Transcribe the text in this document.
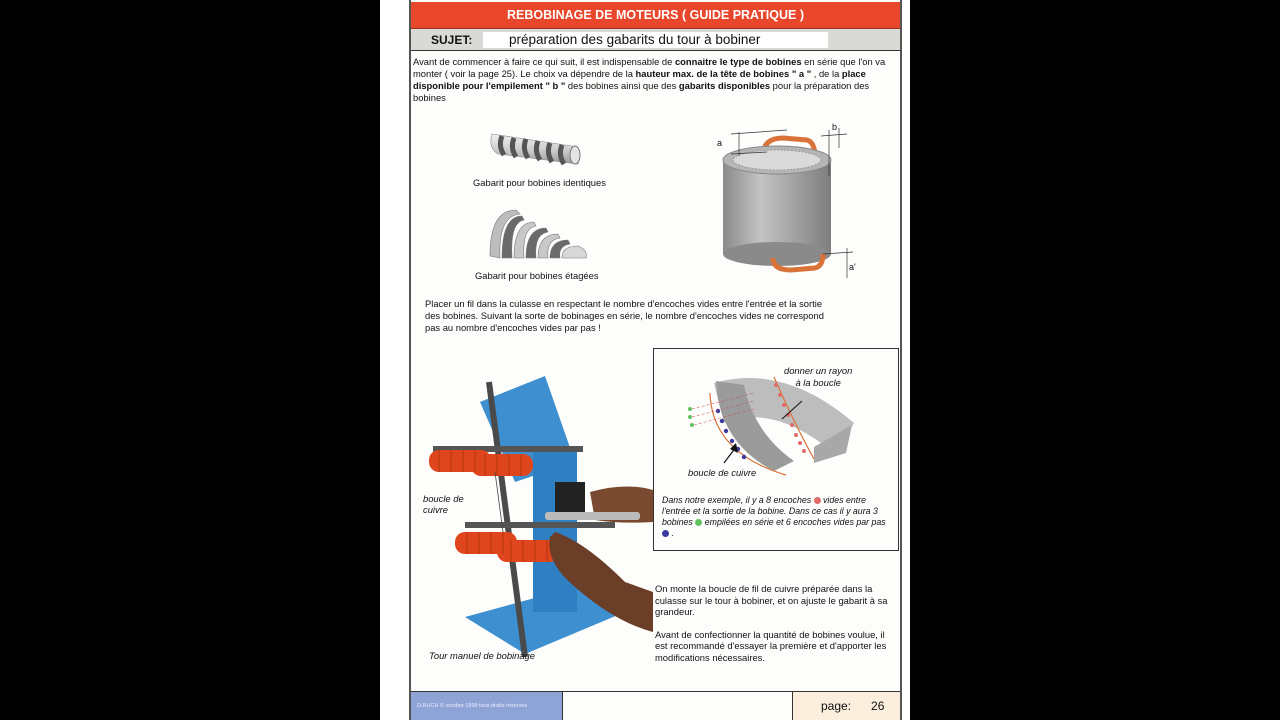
REBOBINAGE DE MOTEURS ( GUIDE PRATIQUE )
SUJET:	préparation des gabarits du tour à bobiner
Avant de commencer à faire ce qui suit, il est indispensable de connaitre le type de bobines en série que l'on va monter ( voir la page 25). Le choix va dépendre de la hauteur max. de la tête de bobines " a " , de la place disponible pour l'empilement " b " des bobines ainsi que des gabarits disponibles pour la préparation des bobines
Gabarit pour bobines identiques
Gabarit pour bobines étagées
a
b
a'
Placer un fil dans la culasse en respectant le nombre d'encoches vides entre l'entrée et la sortie des bobines. Suivant la sorte de bobinages en série, le nombre d'encoches vides ne correspond pas au nombre d'encoches vides par pas !
boucle de cuivre
Tour manuel de bobinage
donner un rayon
à la boucle
boucle de cuivre
Dans notre exemple, il y a 8 encoches  vides entre l'entrée et la sortie de la bobine. Dans ce cas il y aura 3 bobines  empilées en série et 6 encoches vides par pas  .

On monte la boucle de fil de cuivre préparée dans la culasse sur le tour à bobiner, et on ajuste le gabarit à sa grandeur.

Avant de confectionner la quantité de bobines voulue, il est recommandé d'essayer la première et d'apporter les modifications nécessaires.

D.RUCH © octobre 1999 tous droits réservés	page: 26
